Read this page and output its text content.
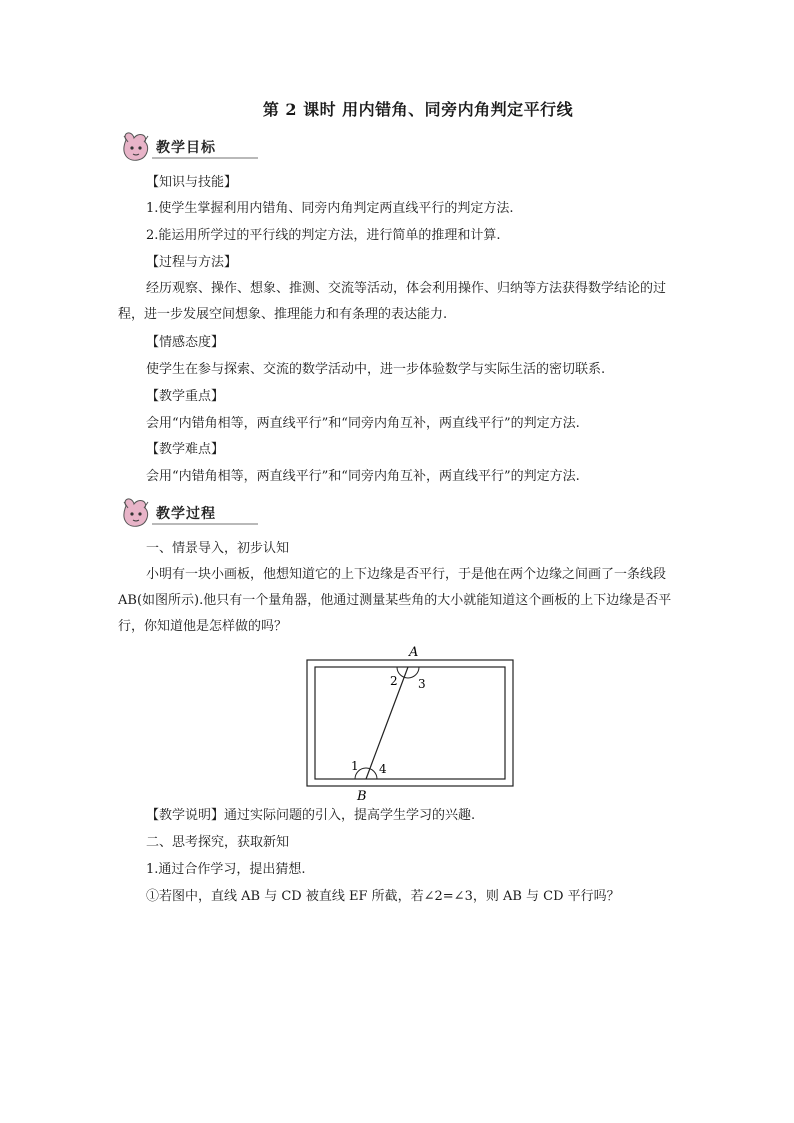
第 2 课时 用内错角、同旁内角判定平行线
教学目标
【知识与技能】
1.使学生掌握利用内错角、同旁内角判定两直线平行的判定方法.
2.能运用所学过的平行线的判定方法，进行简单的推理和计算.
【过程与方法】
经历观察、操作、想象、推测、交流等活动，体会利用操作、归纳等方法获得数学结论的过程，进一步发展空间想象、推理能力和有条理的表达能力.
【情感态度】
使学生在参与探索、交流的数学活动中，进一步体验数学与实际生活的密切联系.
【教学重点】
会用“内错角相等，两直线平行”和“同旁内角互补，两直线平行”的判定方法.
【教学难点】
会用“内错角相等，两直线平行”和“同旁内角互补，两直线平行”的判定方法.
教学过程
一、情景导入，初步认知
小明有一块小画板，他想知道它的上下边缘是否平行，于是他在两个边缘之间画了一条线段 AB(如图所示).他只有一个量角器，他通过测量某些角的大小就能知道这个画板的上下边缘是否平行，你知道他是怎样做的吗？
A
B
2 3
1 4
【教学说明】通过实际问题的引入，提高学生学习的兴趣.
二、思考探究，获取新知
1.通过合作学习，提出猜想.
①若图中，直线 AB 与 CD 被直线 EF 所截，若∠2=∠3，则 AB 与 CD 平行吗？
